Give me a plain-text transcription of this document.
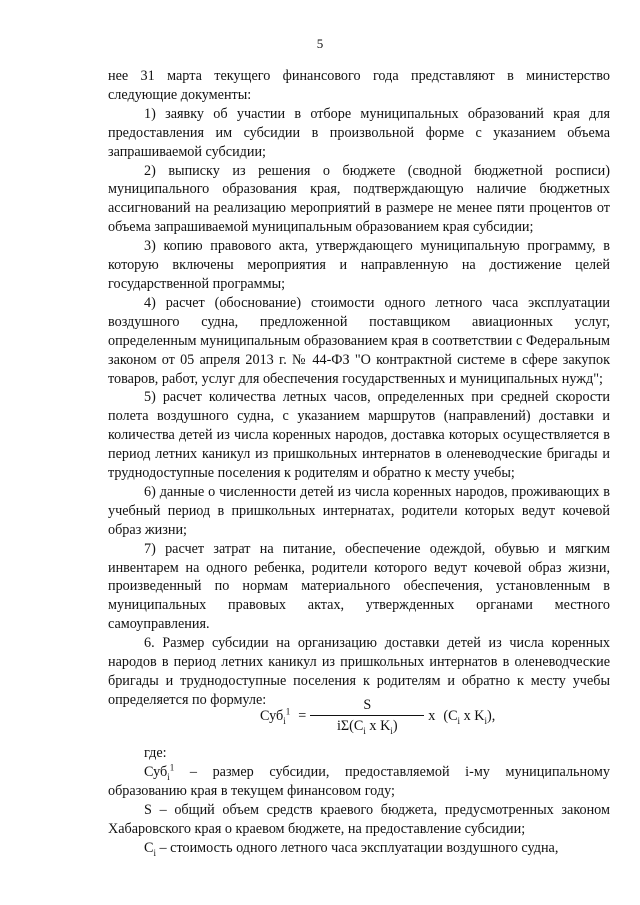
5

нее 31 марта текущего финансового года представляют в министерство следующие документы:

1) заявку об участии в отборе муниципальных образований края для предоставления им субсидии в произвольной форме с указанием объема запрашиваемой субсидии;

2) выписку из решения о бюджете (сводной бюджетной росписи) муниципального образования края, подтверждающую наличие бюджетных ассигнований на реализацию мероприятий в размере не менее пяти процентов от объема запрашиваемой муниципальным образованием края субсидии;

3) копию правового акта, утверждающего муниципальную программу, в которую включены мероприятия и направленную на достижение целей государственной программы;

4) расчет (обоснование) стоимости одного летного часа эксплуатации воздушного судна, предложенной поставщиком авиационных услуг, определенным муниципальным образованием края в соответствии с Федеральным законом от 05 апреля 2013 г. № 44-ФЗ "О контрактной системе в сфере закупок товаров, работ, услуг для обеспечения государственных и муниципальных нужд";

5) расчет количества летных часов, определенных при средней скорости полета воздушного судна, с указанием маршрутов (направлений) доставки и количества детей из числа коренных народов, доставка которых осуществляется в период летних каникул из пришкольных интернатов в оленеводческие бригады и труднодоступные поселения к родителям и обратно к месту учебы;

6) данные о численности детей из числа коренных народов, проживающих в учебный период в пришкольных интернатах, родители которых ведут кочевой образ жизни;

7) расчет затрат на питание, обеспечение одеждой, обувью и мягким инвентарем на одного ребенка, родители которого ведут кочевой образ жизни, произведенный по нормам материального обеспечения, установленным в муниципальных правовых актах, утвержденных органами местного самоуправления.

6. Размер субсидии на организацию доставки детей из числа коренных народов в период летних каникул из пришкольных интернатов в оленеводческие бригады и труднодоступные поселения к родителям и обратно к месту учебы определяется по формуле:

$Суб_i^1 = \frac{S}{i\Sigma(C_i x K_i)}$ x ($C_i$ x $K_i$),

где:

Суб$_i^1$ – размер субсидии, предоставляемой i-му муниципальному образованию края в текущем финансовом году;

S – общий объем средств краевого бюджета, предусмотренных законом Хабаровского края о краевом бюджете, на предоставление субсидии;

$C_i$ – стоимость одного летного часа эксплуатации воздушного судна,
